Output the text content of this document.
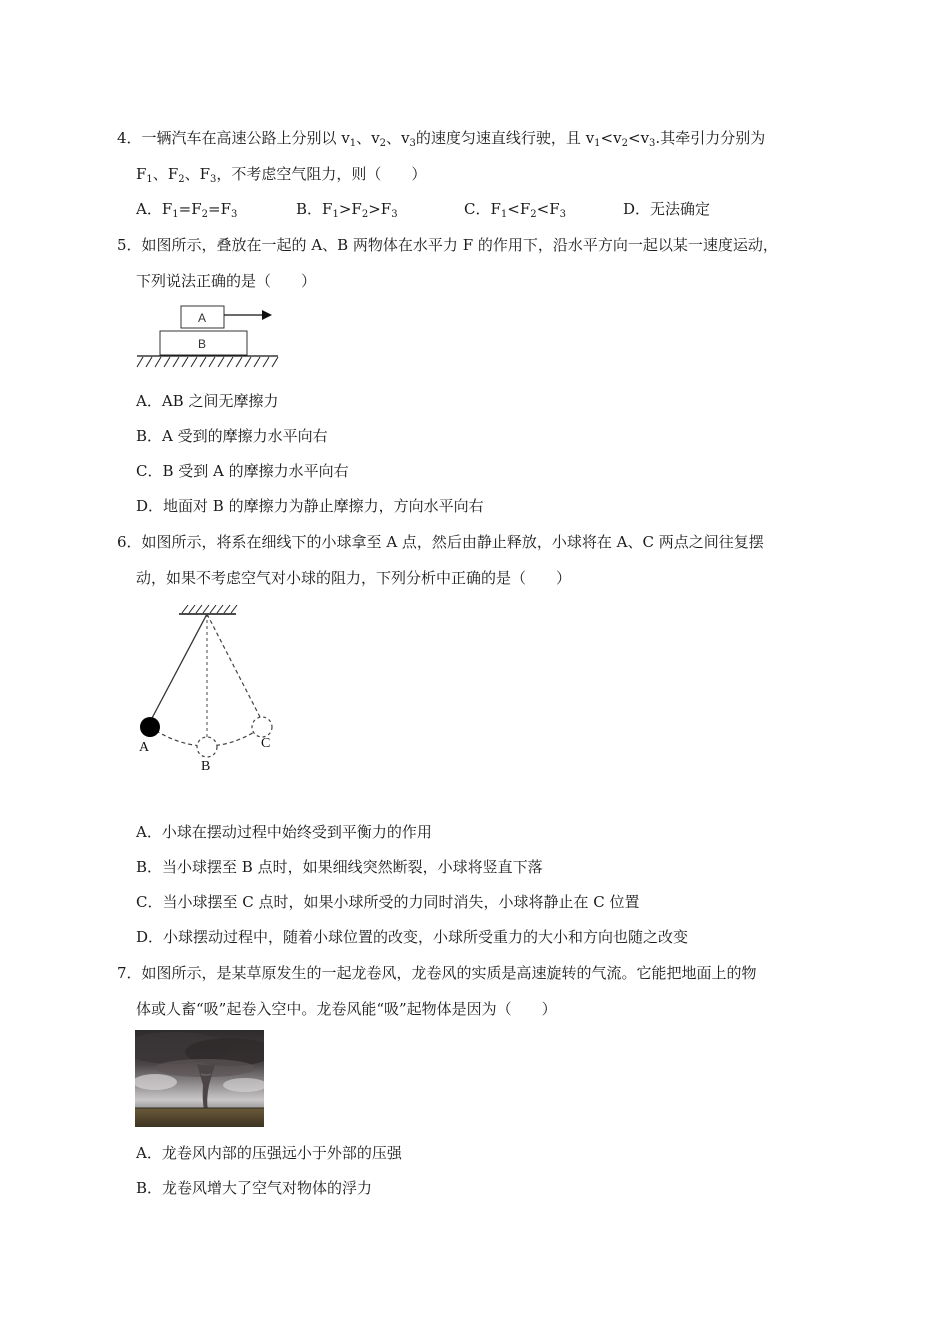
4．一辆汽车在高速公路上分别以 $v_1$、$v_2$、$v_3$的速度匀速直线行驶，且 $v_1<v_2<v_3$.其牵引力分别为
$F_1$、$F_2$、$F_3$，不考虑空气阻力，则（　　）
A．$F_1=F_2=F_3$	B．$F_1>F_2>F_3$	C．$F_1<F_2<F_3$	D．无法确定
5．如图所示，叠放在一起的 A、B 两物体在水平力 F 的作用下，沿水平方向一起以某一速度运动，
下列说法正确的是（　　）
A
B
A．AB 之间无摩擦力
B．A 受到的摩擦力水平向右
C．B 受到 A 的摩擦力水平向右
D．地面对 B 的摩擦力为静止摩擦力，方向水平向右
6．如图所示，将系在细线下的小球拿至 A 点，然后由静止释放，小球将在 A、C 两点之间往复摆
动，如果不考虑空气对小球的阻力，下列分析中正确的是（　　）
A
B
C
A．小球在摆动过程中始终受到平衡力的作用
B．当小球摆至 B 点时，如果细线突然断裂，小球将竖直下落
C．当小球摆至 C 点时，如果小球所受的力同时消失，小球将静止在 C 位置
D．小球摆动过程中，随着小球位置的改变，小球所受重力的大小和方向也随之改变
7．如图所示，是某草原发生的一起龙卷风，龙卷风的实质是高速旋转的气流。它能把地面上的物
体或人畜“吸”起卷入空中。龙卷风能“吸”起物体是因为（　　）
A．龙卷风内部的压强远小于外部的压强
B．龙卷风增大了空气对物体的浮力
